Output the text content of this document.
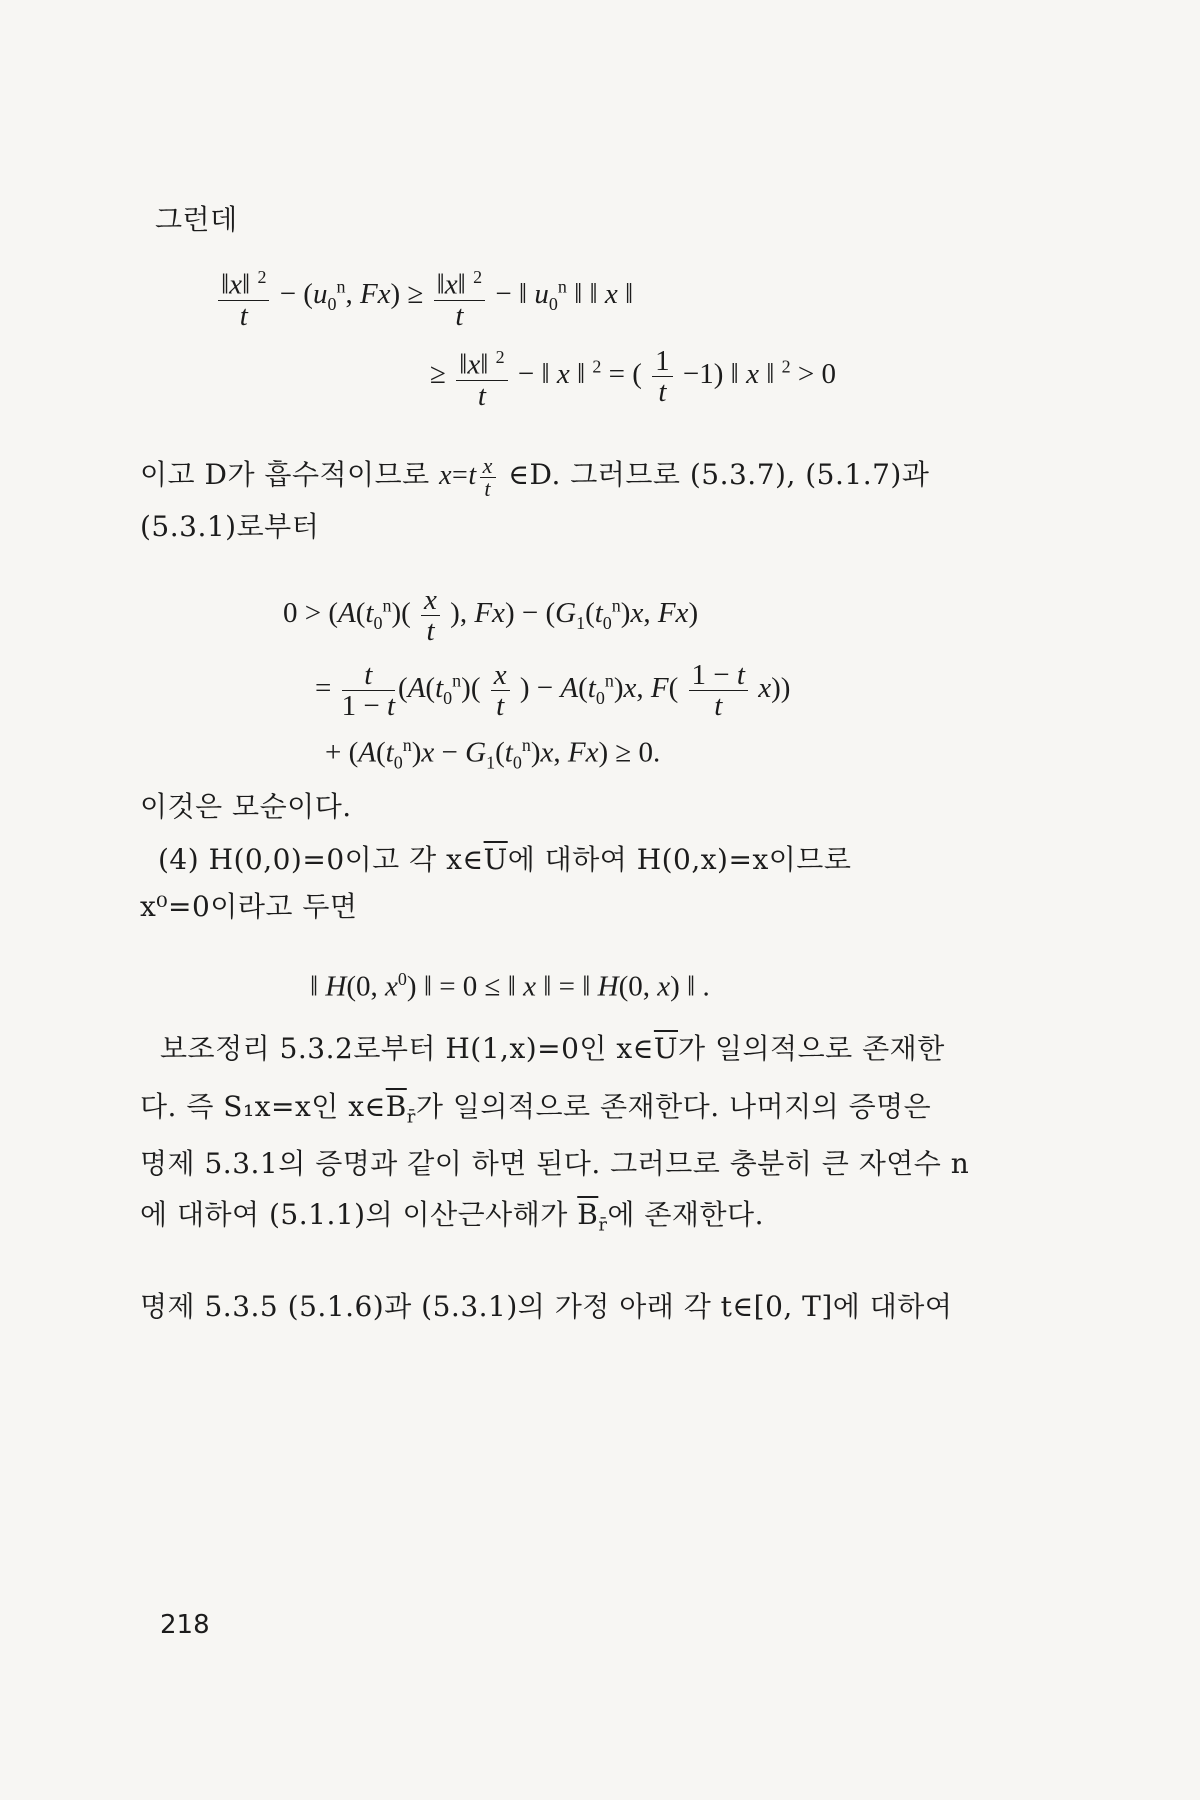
그런데
$\frac{‖x‖ ^2}{t} - (u_0^n$, $Fx) \ge \frac{‖x‖ ^2}{t}$ − ‖ $u_0^n$ ‖ ‖ x ‖
≥ $\frac{‖x‖ ^2}{t}$ − ‖ x ‖ $^2$ = ( $\frac{1}{t} -1$) ‖ x ‖ $^2$ > 0
이고 D가 흡수적이므로 $x=t \frac{x}{t}$ ∈D. 그러므로 (5.3.7), (5.1.7)과
(5.3.1)로부터
$0 > (A(t_0^n)( \frac{x}{t}$ ), $Fx) - (G_1(t_0^n)x$, Fx)
= $\frac{t}{1 - t} (A(t_0^n)( \frac{x}{t}$ ) − $A(t_0^n)x$, $F( \frac{1 - t}{t} x)$)
+ ($A(t_0^n)x - G_1(t_0^n)x$, Fx) ≥ 0.
이것은 모순이다.
(4) H(0,0)=0이고 각 $x\in\overline{U}$에 대하여 H(0,x)=x이므로
x⁰=0이라고 두면
‖ H(0, $x^0$) ‖ = 0 ≤ ‖ x ‖ = ‖ H(0, x) ‖ .
보조정리 5.3.2로부터 H(1,x)=0인 $x\in\overline{U}$가 일의적으로 존재한
다. 즉 S₁x=x인 $x\in\overline{B}_{r̄}$가 일의적으로 존재한다. 나머지의 증명은
명제 5.3.1의 증명과 같이 하면 된다. 그러므로 충분히 큰 자연수 n
에 대하여 (5.1.1)의 이산근사해가 $\overline{B}_{r̄}$에 존재한다.
명제 5.3.5 (5.1.6)과 (5.3.1)의 가정 아래 각 t∈[0, T]에 대하여
218
